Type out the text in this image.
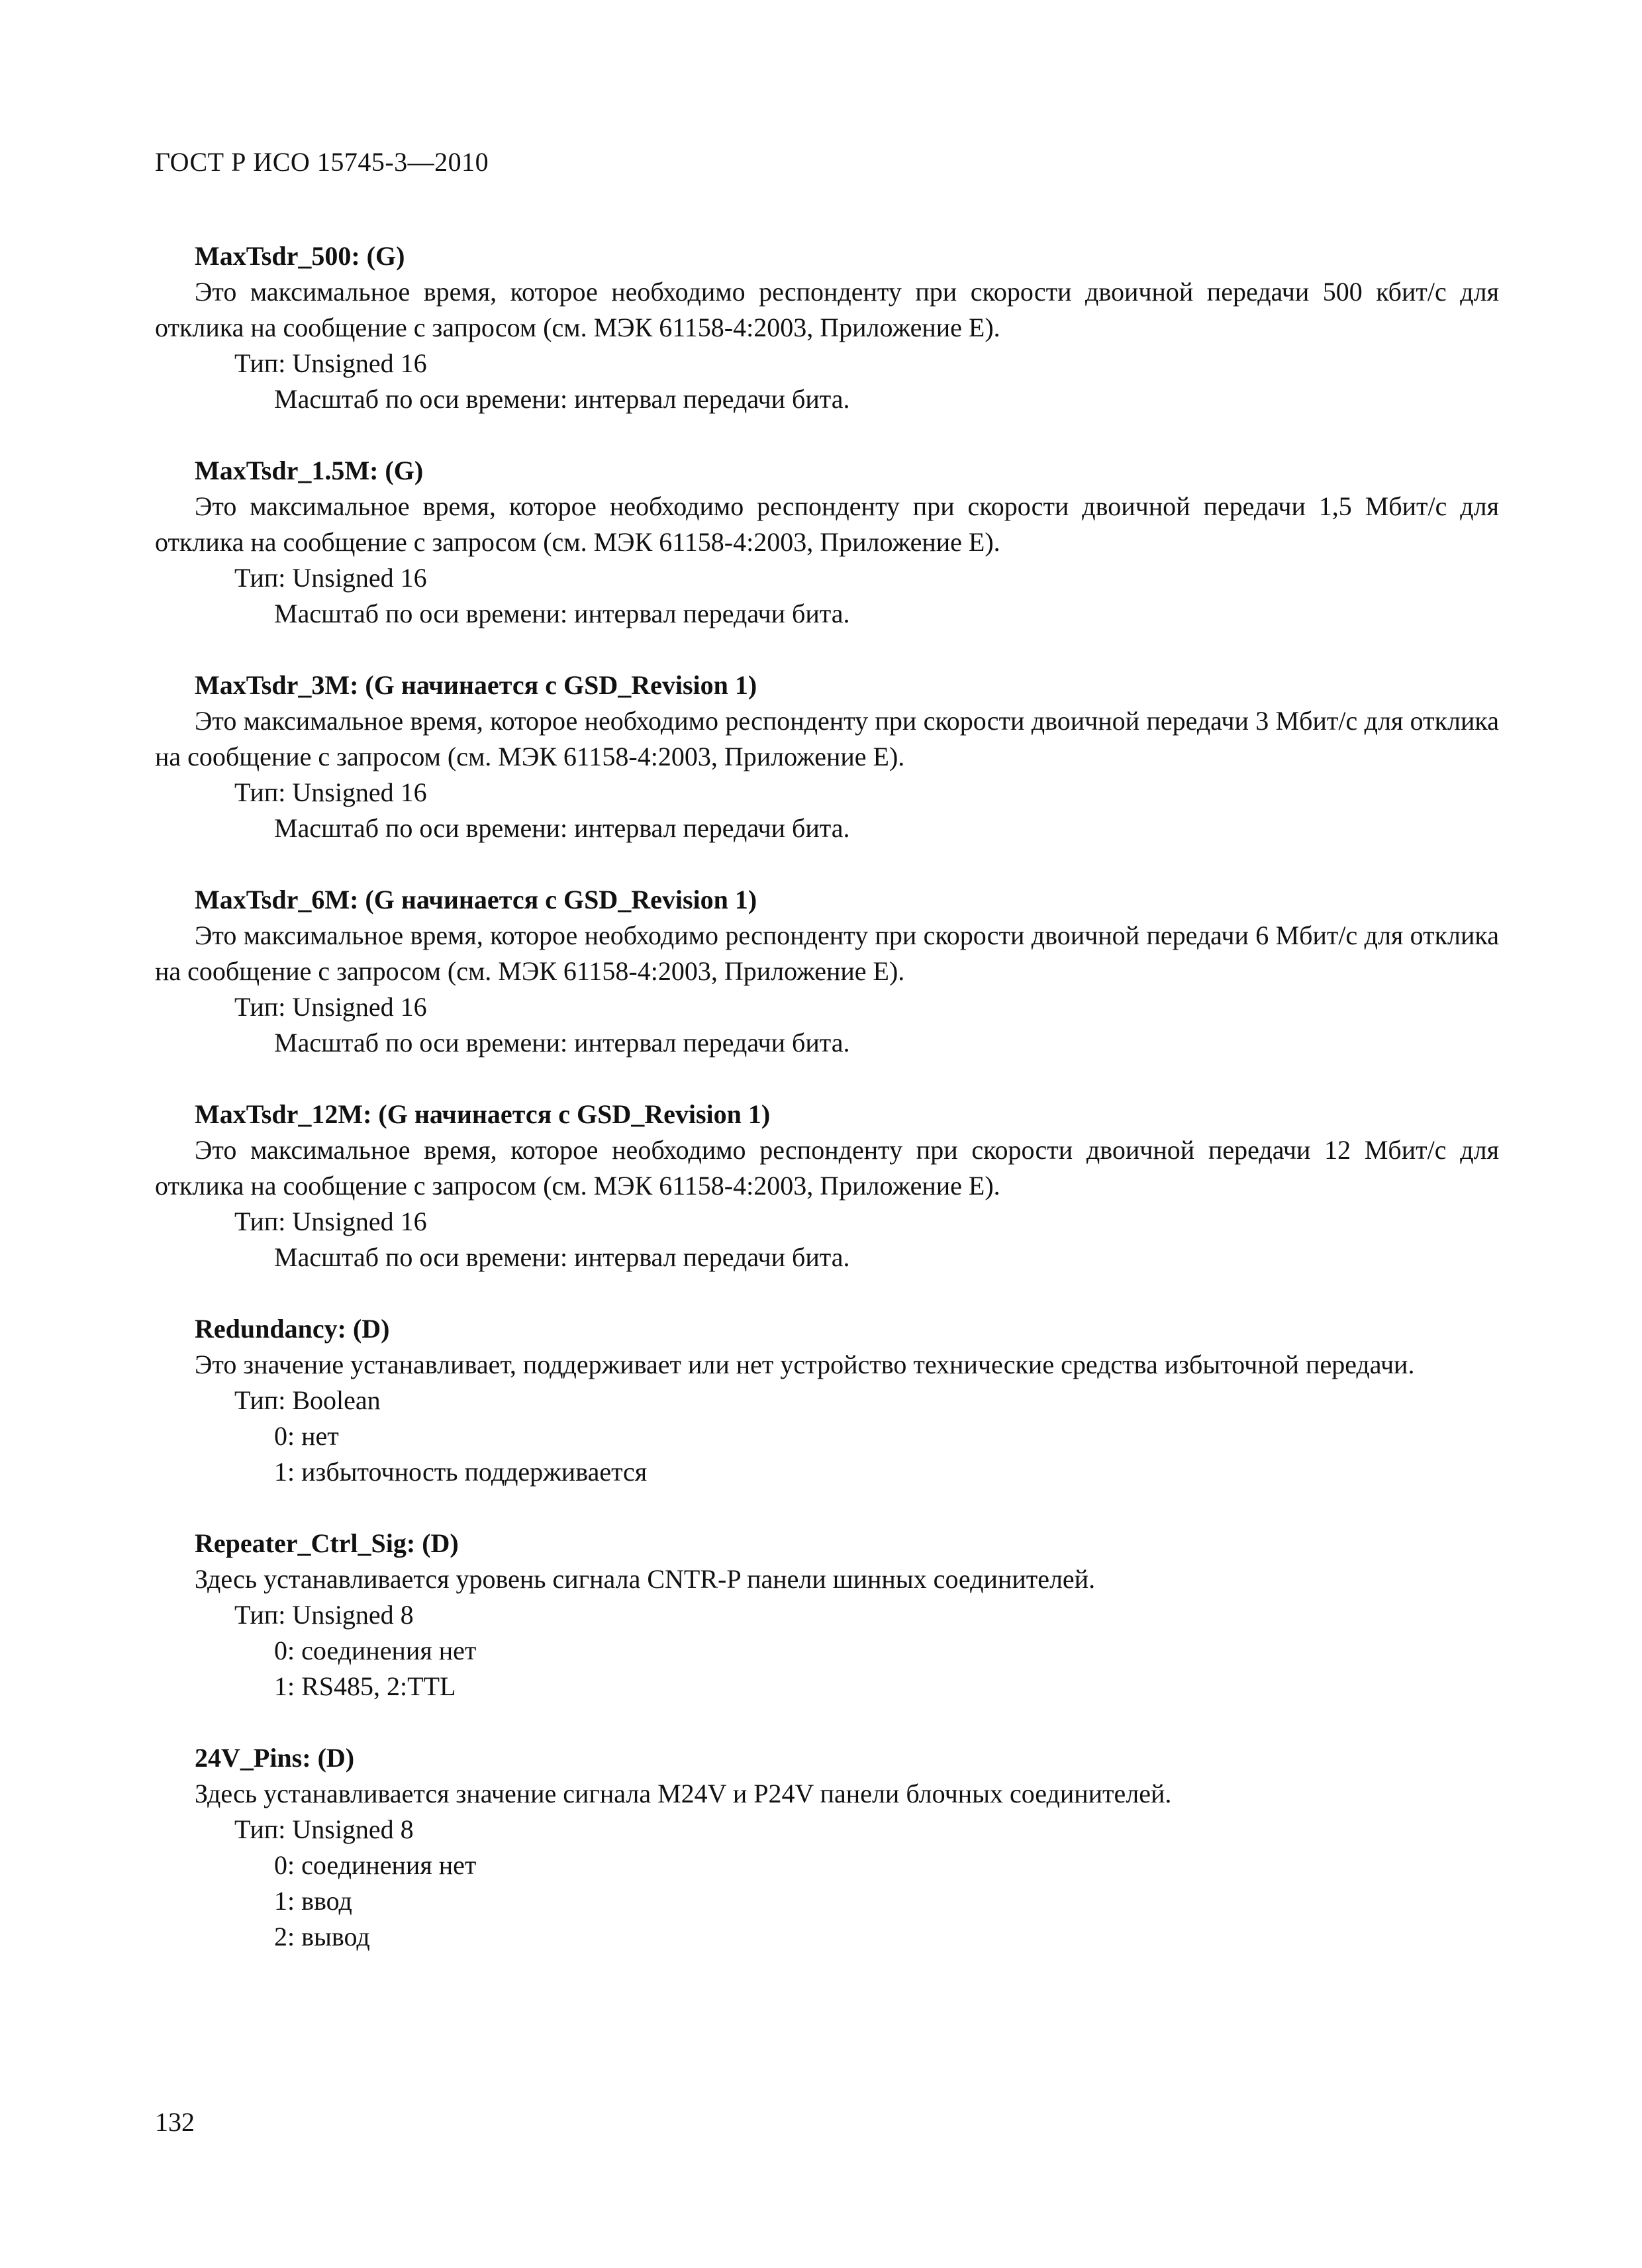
ГОСТ Р ИСО 15745-3—2010
MaxTsdr_500: (G)

Это максимальное время, которое необходимо респонденту при скорости двоичной передачи 500 кбит/с для отклика на сообщение с запросом (см. МЭК 61158-4:2003, Приложение E).

Тип: Unsigned 16
Масштаб по оси времени: интервал передачи бита.
MaxTsdr_1.5M: (G)

Это максимальное время, которое необходимо респонденту при скорости двоичной передачи 1,5 Мбит/с для отклика на сообщение с запросом (см. МЭК 61158-4:2003, Приложение E).

Тип: Unsigned 16
Масштаб по оси времени: интервал передачи бита.
MaxTsdr_3M: (G начинается с GSD_Revision 1)

Это максимальное время, которое необходимо респонденту при скорости двоичной передачи 3 Мбит/с для отклика на сообщение с запросом (см. МЭК 61158-4:2003, Приложение E).

Тип: Unsigned 16
Масштаб по оси времени: интервал передачи бита.
MaxTsdr_6M: (G начинается с GSD_Revision 1)

Это максимальное время, которое необходимо респонденту при скорости двоичной передачи 6 Мбит/с для отклика на сообщение с запросом (см. МЭК 61158-4:2003, Приложение E).

Тип: Unsigned 16
Масштаб по оси времени: интервал передачи бита.
MaxTsdr_12M: (G начинается с GSD_Revision 1)

Это максимальное время, которое необходимо респонденту при скорости двоичной передачи 12 Мбит/с для отклика на сообщение с запросом (см. МЭК 61158-4:2003, Приложение E).

Тип: Unsigned 16
Масштаб по оси времени: интервал передачи бита.
Redundancy: (D)

Это значение устанавливает, поддерживает или нет устройство технические средства избыточной передачи.

Тип: Boolean
0: нет
1: избыточность поддерживается
Repeater_Ctrl_Sig: (D)

Здесь устанавливается уровень сигнала CNTR-P панели шинных соединителей.

Тип: Unsigned 8
0: соединения нет
1: RS485, 2:TTL
24V_Pins: (D)

Здесь устанавливается значение сигнала M24V и P24V панели блочных соединителей.

Тип: Unsigned 8
0: соединения нет
1: ввод
2: вывод
132
